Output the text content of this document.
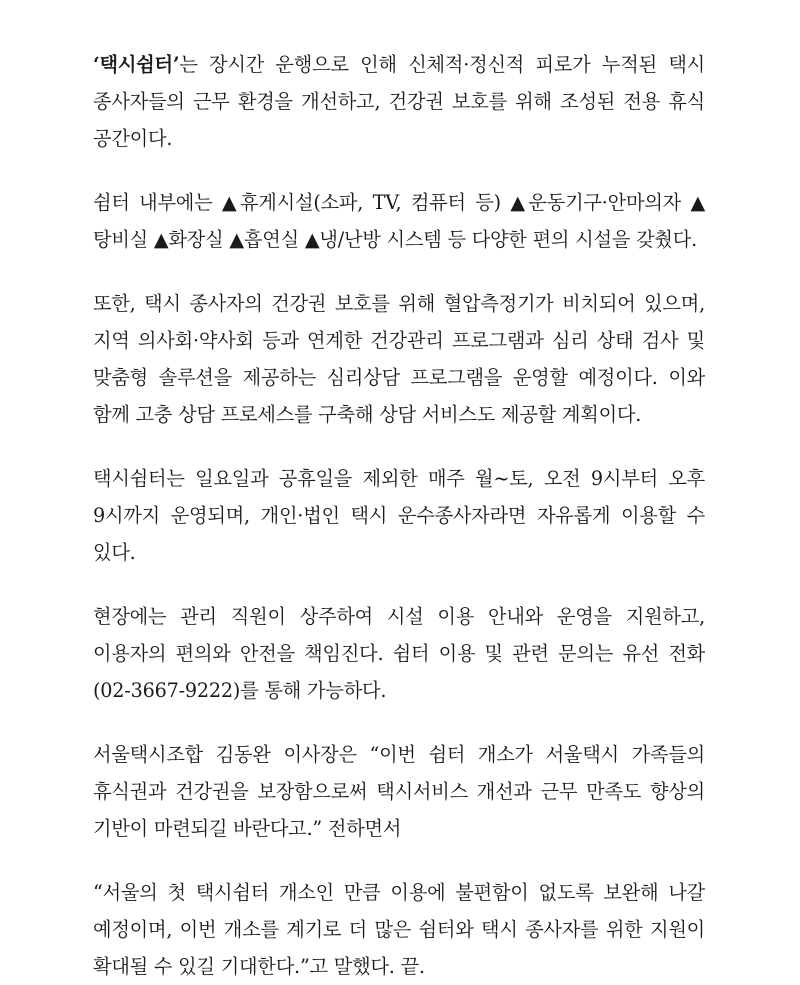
‘택시쉼터’는 장시간 운행으로 인해 신체적·정신적 피로가 누적된 택시 종사자들의 근무 환경을 개선하고, 건강권 보호를 위해 조성된 전용 휴식 공간이다.

쉼터 내부에는 ▲휴게시설(소파, TV, 컴퓨터 등) ▲운동기구·안마의자 ▲탕비실 ▲화장실 ▲흡연실 ▲냉/난방 시스템 등 다양한 편의 시설을 갖췄다.

또한, 택시 종사자의 건강권 보호를 위해 혈압측정기가 비치되어 있으며, 지역 의사회·약사회 등과 연계한 건강관리 프로그램과 심리 상태 검사 및 맞춤형 솔루션을 제공하는 심리상담 프로그램을 운영할 예정이다. 이와 함께 고충 상담 프로세스를 구축해 상담 서비스도 제공할 계획이다.

택시쉼터는 일요일과 공휴일을 제외한 매주 월~토, 오전 9시부터 오후 9시까지 운영되며, 개인·법인 택시 운수종사자라면 자유롭게 이용할 수 있다.

현장에는 관리 직원이 상주하여 시설 이용 안내와 운영을 지원하고, 이용자의 편의와 안전을 책임진다. 쉼터 이용 및 관련 문의는 유선 전화(02-3667-9222)를 통해 가능하다.

서울택시조합 김동완 이사장은 “이번 쉼터 개소가 서울택시 가족들의 휴식권과 건강권을 보장함으로써 택시서비스 개선과 근무 만족도 향상의 기반이 마련되길 바란다고.” 전하면서

“서울의 첫 택시쉼터 개소인 만큼 이용에 불편함이 없도록 보완해 나갈 예정이며, 이번 개소를 계기로 더 많은 쉼터와 택시 종사자를 위한 지원이 확대될 수 있길 기대한다.”고 말했다. 끝.
